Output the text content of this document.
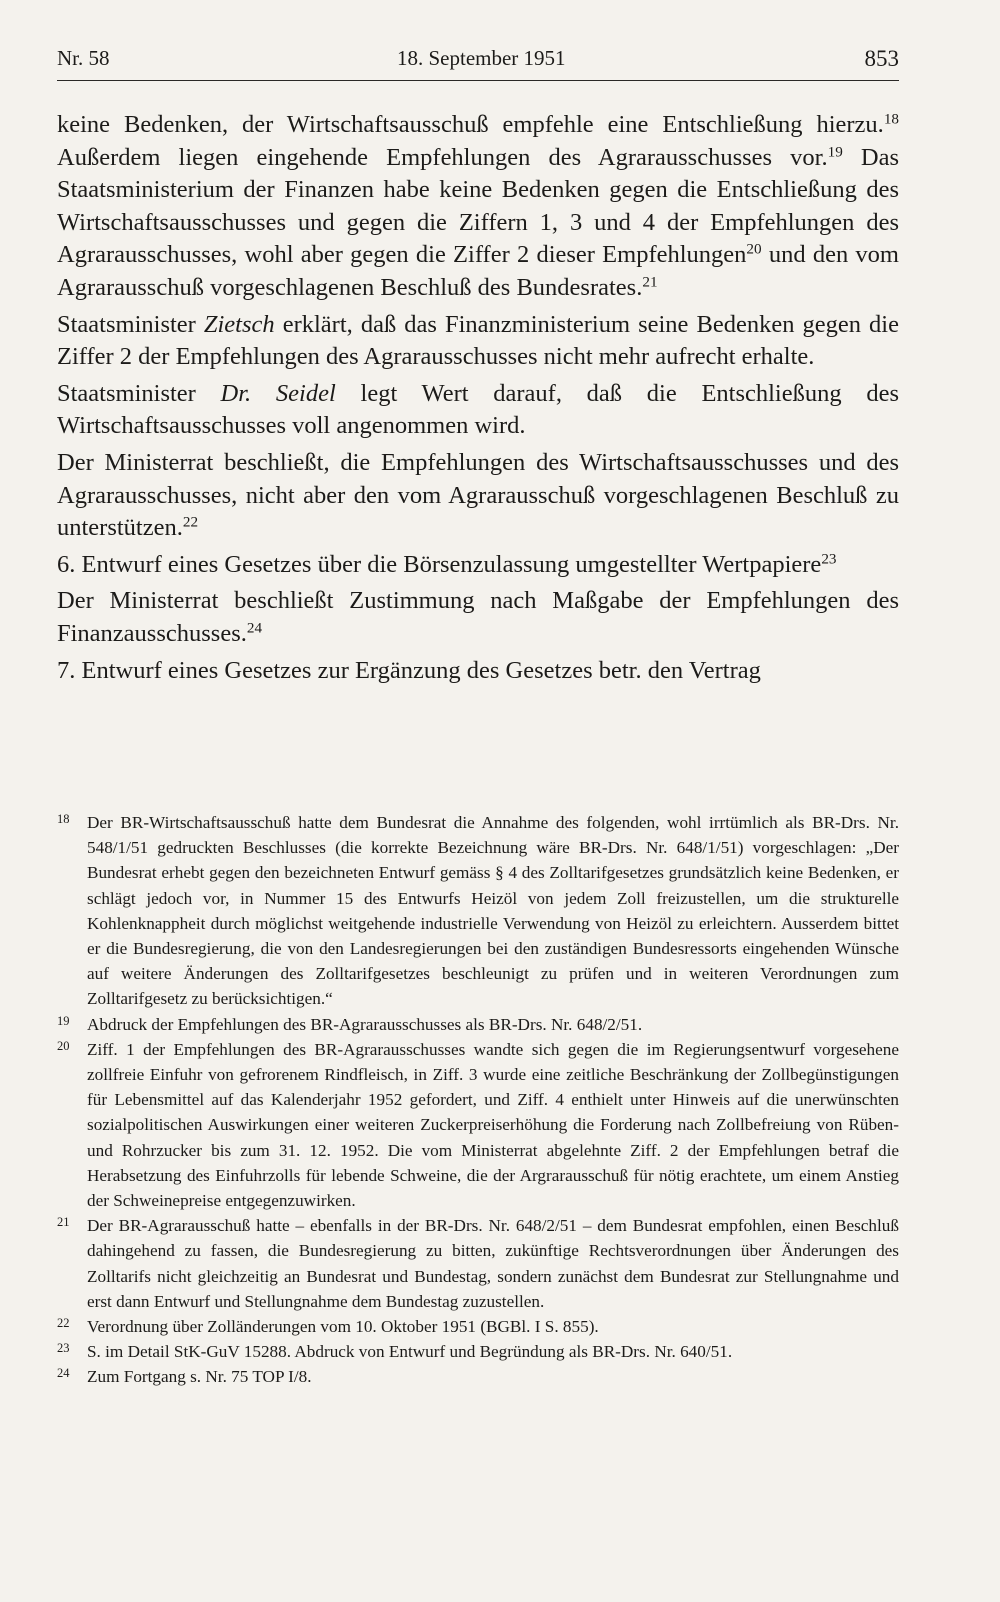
Nr. 58	18. September 1951	853

keine Bedenken, der Wirtschaftsausschuß empfehle eine Entschließung hierzu.$^{18}$ Außerdem liegen eingehende Empfehlungen des Agrarausschusses vor.$^{19}$ Das Staatsministerium der Finanzen habe keine Bedenken gegen die Entschließung des Wirtschaftsausschusses und gegen die Ziffern 1, 3 und 4 der Empfehlungen des Agrarausschusses, wohl aber gegen die Ziffer 2 dieser Empfehlungen$^{20}$ und den vom Agrarausschuß vorgeschlagenen Beschluß des Bundesrates.$^{21}$

Staatsminister Zietsch erklärt, daß das Finanzministerium seine Bedenken gegen die Ziffer 2 der Empfehlungen des Agrarausschusses nicht mehr aufrecht erhalte.

Staatsminister Dr. Seidel legt Wert darauf, daß die Entschließung des Wirtschaftsausschusses voll angenommen wird.

Der Ministerrat beschließt, die Empfehlungen des Wirtschaftsausschusses und des Agrarausschusses, nicht aber den vom Agrarausschuß vorgeschlagenen Beschluß zu unterstützen.$^{22}$

6. Entwurf eines Gesetzes über die Börsenzulassung umgestellter Wertpapiere$^{23}$

Der Ministerrat beschließt Zustimmung nach Maßgabe der Empfehlungen des Finanzausschusses.$^{24}$

7. Entwurf eines Gesetzes zur Ergänzung des Gesetzes betr. den Vertrag

18 Der BR-Wirtschaftsausschuß hatte dem Bundesrat die Annahme des folgenden, wohl irrtümlich als BR-Drs. Nr. 548/1/51 gedruckten Beschlusses (die korrekte Bezeichnung wäre BR-Drs. Nr. 648/1/51) vorgeschlagen: „Der Bundesrat erhebt gegen den bezeichneten Entwurf gemäss § 4 des Zolltarifgesetzes grundsätzlich keine Bedenken, er schlägt jedoch vor, in Nummer 15 des Entwurfs Heizöl von jedem Zoll freizustellen, um die strukturelle Kohlenknappheit durch möglichst weitgehende industrielle Verwendung von Heizöl zu erleichtern. Ausserdem bittet er die Bundesregierung, die von den Landesregierungen bei den zuständigen Bundesressorts eingehenden Wünsche auf weitere Änderungen des Zolltarifgesetzes beschleunigt zu prüfen und in weiteren Verordnungen zum Zolltarifgesetz zu berücksichtigen.“
19 Abdruck der Empfehlungen des BR-Agrarausschusses als BR-Drs. Nr. 648/2/51.
20 Ziff. 1 der Empfehlungen des BR-Agrarausschusses wandte sich gegen die im Regierungsentwurf vorgesehene zollfreie Einfuhr von gefrorenem Rindfleisch, in Ziff. 3 wurde eine zeitliche Beschränkung der Zollbegünstigungen für Lebensmittel auf das Kalenderjahr 1952 gefordert, und Ziff. 4 enthielt unter Hinweis auf die unerwünschten sozialpolitischen Auswirkungen einer weiteren Zuckerpreiserhöhung die Forderung nach Zollbefreiung von Rüben- und Rohrzucker bis zum 31. 12. 1952. Die vom Ministerrat abgelehnte Ziff. 2 der Empfehlungen betraf die Herabsetzung des Einfuhrzolls für lebende Schweine, die der Argrarausschuß für nötig erachtete, um einem Anstieg der Schweinepreise entgegenzuwirken.
21 Der BR-Agrarausschuß hatte – ebenfalls in der BR-Drs. Nr. 648/2/51 – dem Bundesrat empfohlen, einen Beschluß dahingehend zu fassen, die Bundesregierung zu bitten, zukünftige Rechtsverordnungen über Änderungen des Zolltarifs nicht gleichzeitig an Bundesrat und Bundestag, sondern zunächst dem Bundesrat zur Stellungnahme und erst dann Entwurf und Stellungnahme dem Bundestag zuzustellen.
22 Verordnung über Zolländerungen vom 10. Oktober 1951 (BGBl. I S. 855).
23 S. im Detail StK-GuV 15288. Abdruck von Entwurf und Begründung als BR-Drs. Nr. 640/51.
24 Zum Fortgang s. Nr. 75 TOP I/8.
